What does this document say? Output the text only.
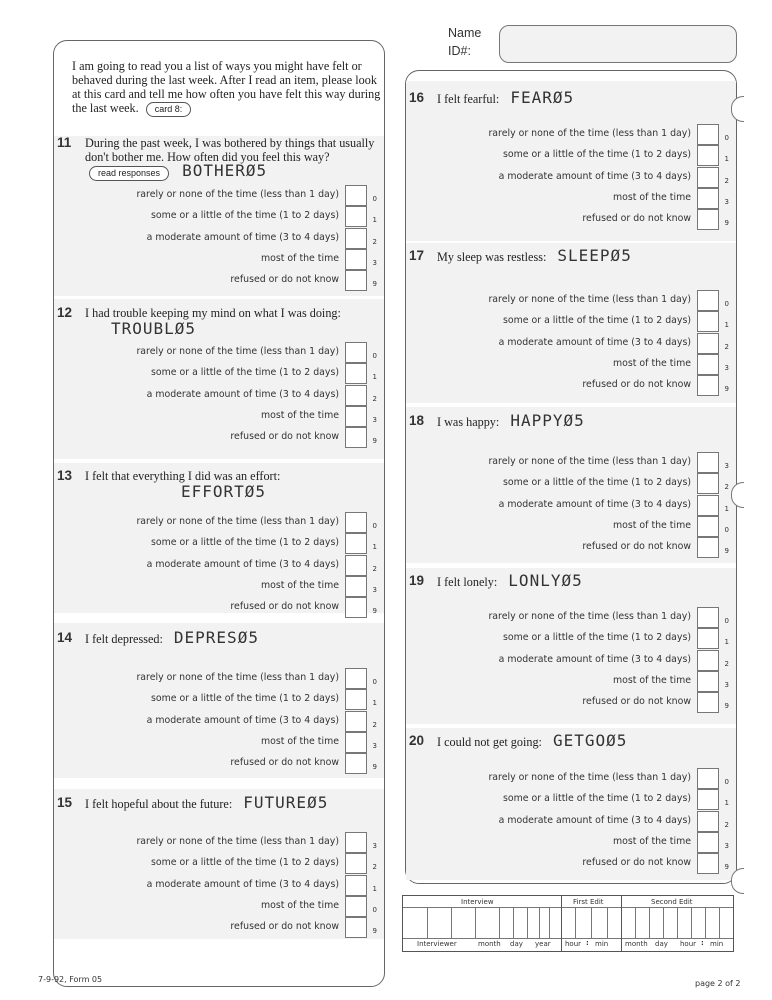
Name
ID#:
I am going to read you a list of ways you might have felt or behaved during the last week. After I read an item, please look at this card and tell me how often you have felt this way during the last week. card 8:
11 During the past week, I was bothered by things that usually don't bother me. How often did you feel this way? read responses BOTHERØ5
rarely or none of the time (less than 1 day)	0
some or a little of the time (1 to 2 days)	1
a moderate amount of time (3 to 4 days)	2
most of the time	3
refused or do not know	9
12 I had trouble keeping my mind on what I was doing:
TROUBLØ5
rarely or none of the time (less than 1 day)	0
some or a little of the time (1 to 2 days)	1
a moderate amount of time (3 to 4 days)	2
most of the time	3
refused or do not know	9
13 I felt that everything I did was an effort:
EFFORTØ5
rarely or none of the time (less than 1 day)	0
some or a little of the time (1 to 2 days)	1
a moderate amount of time (3 to 4 days)	2
most of the time	3
refused or do not know	9
14 I felt depressed: DEPRESØ5
rarely or none of the time (less than 1 day)	0
some or a little of the time (1 to 2 days)	1
a moderate amount of time (3 to 4 days)	2
most of the time	3
refused or do not know	9
15 I felt hopeful about the future: FUTUREØ5
rarely or none of the time (less than 1 day)	3
some or a little of the time (1 to 2 days)	2
a moderate amount of time (3 to 4 days)	1
most of the time	0
refused or do not know	9
16 I felt fearful: FEARØ5
rarely or none of the time (less than 1 day)	0
some or a little of the time (1 to 2 days)	1
a moderate amount of time (3 to 4 days)	2
most of the time	3
refused or do not know	9
17 My sleep was restless: SLEEPØ5
rarely or none of the time (less than 1 day)	0
some or a little of the time (1 to 2 days)	1
a moderate amount of time (3 to 4 days)	2
most of the time	3
refused or do not know	9
18 I was happy: HAPPYØ5
rarely or none of the time (less than 1 day)	3
some or a little of the time (1 to 2 days)	2
a moderate amount of time (3 to 4 days)	1
most of the time	0
refused or do not know	9
19 I felt lonely: LONLYØ5
rarely or none of the time (less than 1 day)	0
some or a little of the time (1 to 2 days)	1
a moderate amount of time (3 to 4 days)	2
most of the time	3
refused or do not know	9
20 I could not get going: GETGOØ5
rarely or none of the time (less than 1 day)	0
some or a little of the time (1 to 2 days)	1
a moderate amount of time (3 to 4 days)	2
most of the time	3
refused or do not know	9
Interview	First Edit	Second Edit
Interviewer	month day year hour : min month day hour : min
7-9-92, Form 05	page 2 of 2
